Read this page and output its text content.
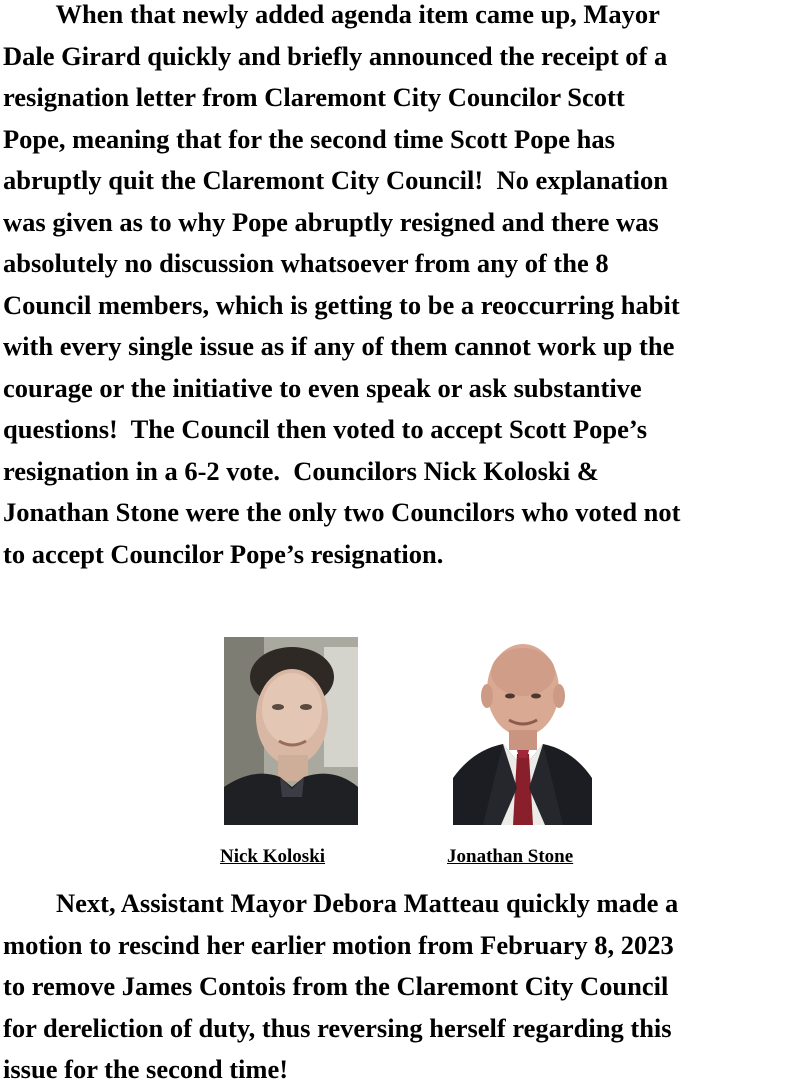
When that newly added agenda item came up, Mayor
Dale Girard quickly and briefly announced the receipt of a
resignation letter from Claremont City Councilor Scott
Pope, meaning that for the second time Scott Pope has
abruptly quit the Claremont City Council!  No explanation
was given as to why Pope abruptly resigned and there was
absolutely no discussion whatsoever from any of the 8
Council members, which is getting to be a reoccurring habit
with every single issue as if any of them cannot work up the
courage or the initiative to even speak or ask substantive
questions!  The Council then voted to accept Scott Pope’s
resignation in a 6-2 vote.  Councilors Nick Koloski &
Jonathan Stone were the only two Councilors who voted not
to accept Councilor Pope’s resignation.

Nick Koloski	Jonathan Stone

Next, Assistant Mayor Debora Matteau quickly made a
motion to rescind her earlier motion from February 8, 2023
to remove James Contois from the Claremont City Council
for dereliction of duty, thus reversing herself regarding this
issue for the second time!
